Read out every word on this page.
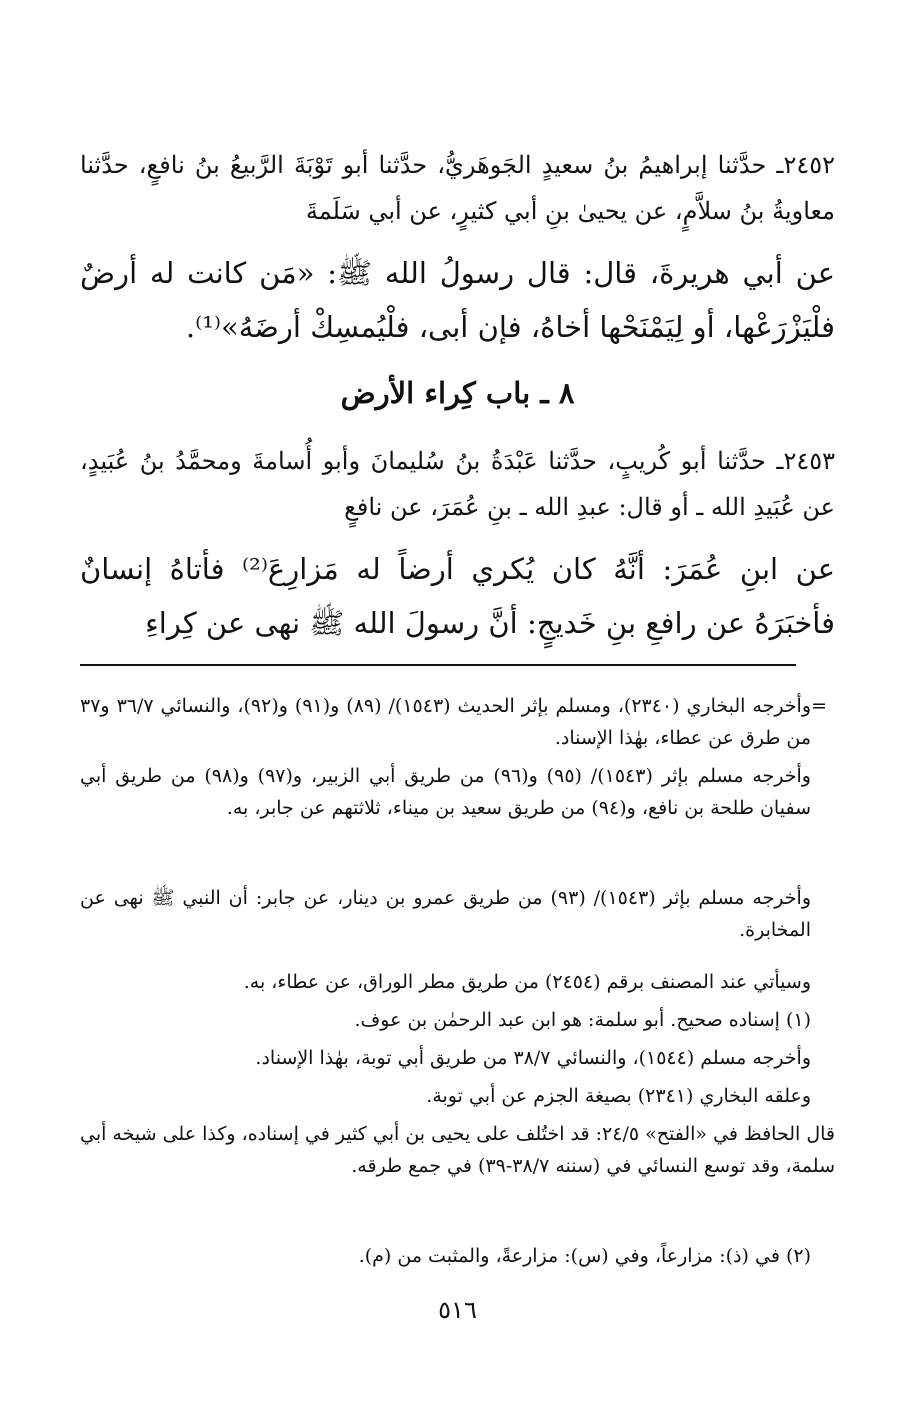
٢٤٥٢ـ حدَّثنا إبراهيمُ بنُ سعيدٍ الجَوهَريُّ، حدَّثنا أبو تَوْبَةَ الرَّبيعُ بنُ نافعٍ، حدَّثنا معاويةُ بنُ سلاَّمٍ، عن يحيىٰ بنِ أبي كثيرٍ، عن أبي سَلَمةَ

عن أبي هريرةَ، قال: قال رسولُ الله ﷺ: «مَن كانت له أرضٌ فلْيَزْرَعْها، أو لِيَمْنَحْها أخاهُ، فإن أبى، فلْيُمسِكْ أرضَهُ»⁽¹⁾.

٨ ـ باب كِراء الأرض

٢٤٥٣ـ حدَّثنا أبو كُريبٍ، حدَّثنا عَبْدَةُ بنُ سُليمانَ وأبو أُسامةَ ومحمَّدُ بنُ عُبَيدٍ، عن عُبَيدِ الله ـ أو قال: عبدِ الله ـ بنِ عُمَرَ، عن نافعٍ

عن ابنِ عُمَرَ: أنَّهُ كان يُكري أرضاً له مَزارِعَ⁽²⁾ فأتاهُ إنسانٌ فأخبَرَهُ عن رافعِ بنِ خَديجٍ: أنَّ رسولَ الله ﷺ نهى عن كِراءِ

=

وأخرجه البخاري (٢٣٤٠)، ومسلم بإثر الحديث (١٥٤٣)/ (٨٩) و(٩١) و(٩٢)، والنسائي ٣٦/٧ و٣٧ من طرق عن عطاء، بهٰذا الإسناد.

وأخرجه مسلم بإثر (١٥٤٣)/ (٩٥) و(٩٦) من طريق أبي الزبير، و(٩٧) و(٩٨) من طريق أبي سفيان طلحة بن نافع، و(٩٤) من طريق سعيد بن ميناء، ثلاثتهم عن جابر، به.

وأخرجه مسلم بإثر (١٥٤٣)/ (٩٣) من طريق عمرو بن دينار، عن جابر: أن النبي ﷺ نهى عن المخابرة.

وسيأتي عند المصنف برقم (٢٤٥٤) من طريق مطر الوراق، عن عطاء، به.

(١) إسناده صحيح. أبو سلمة: هو ابن عبد الرحمٰن بن عوف.

وأخرجه مسلم (١٥٤٤)، والنسائي ٣٨/٧ من طريق أبي توبة، بهٰذا الإسناد.

وعلقه البخاري (٢٣٤١) بصيغة الجزم عن أبي توبة.

قال الحافظ في «الفتح» ٢٤/٥: قد اختُلف على يحيى بن أبي كثير في إسناده، وكذا على شيخه أبي سلمة، وقد توسع النسائي في (سننه ٣٨/٧-٣٩) في جمع طرقه.

(٢) في (ذ): مزارعاً، وفي (س): مزارعةً، والمثبت من (م).

٥١٦
